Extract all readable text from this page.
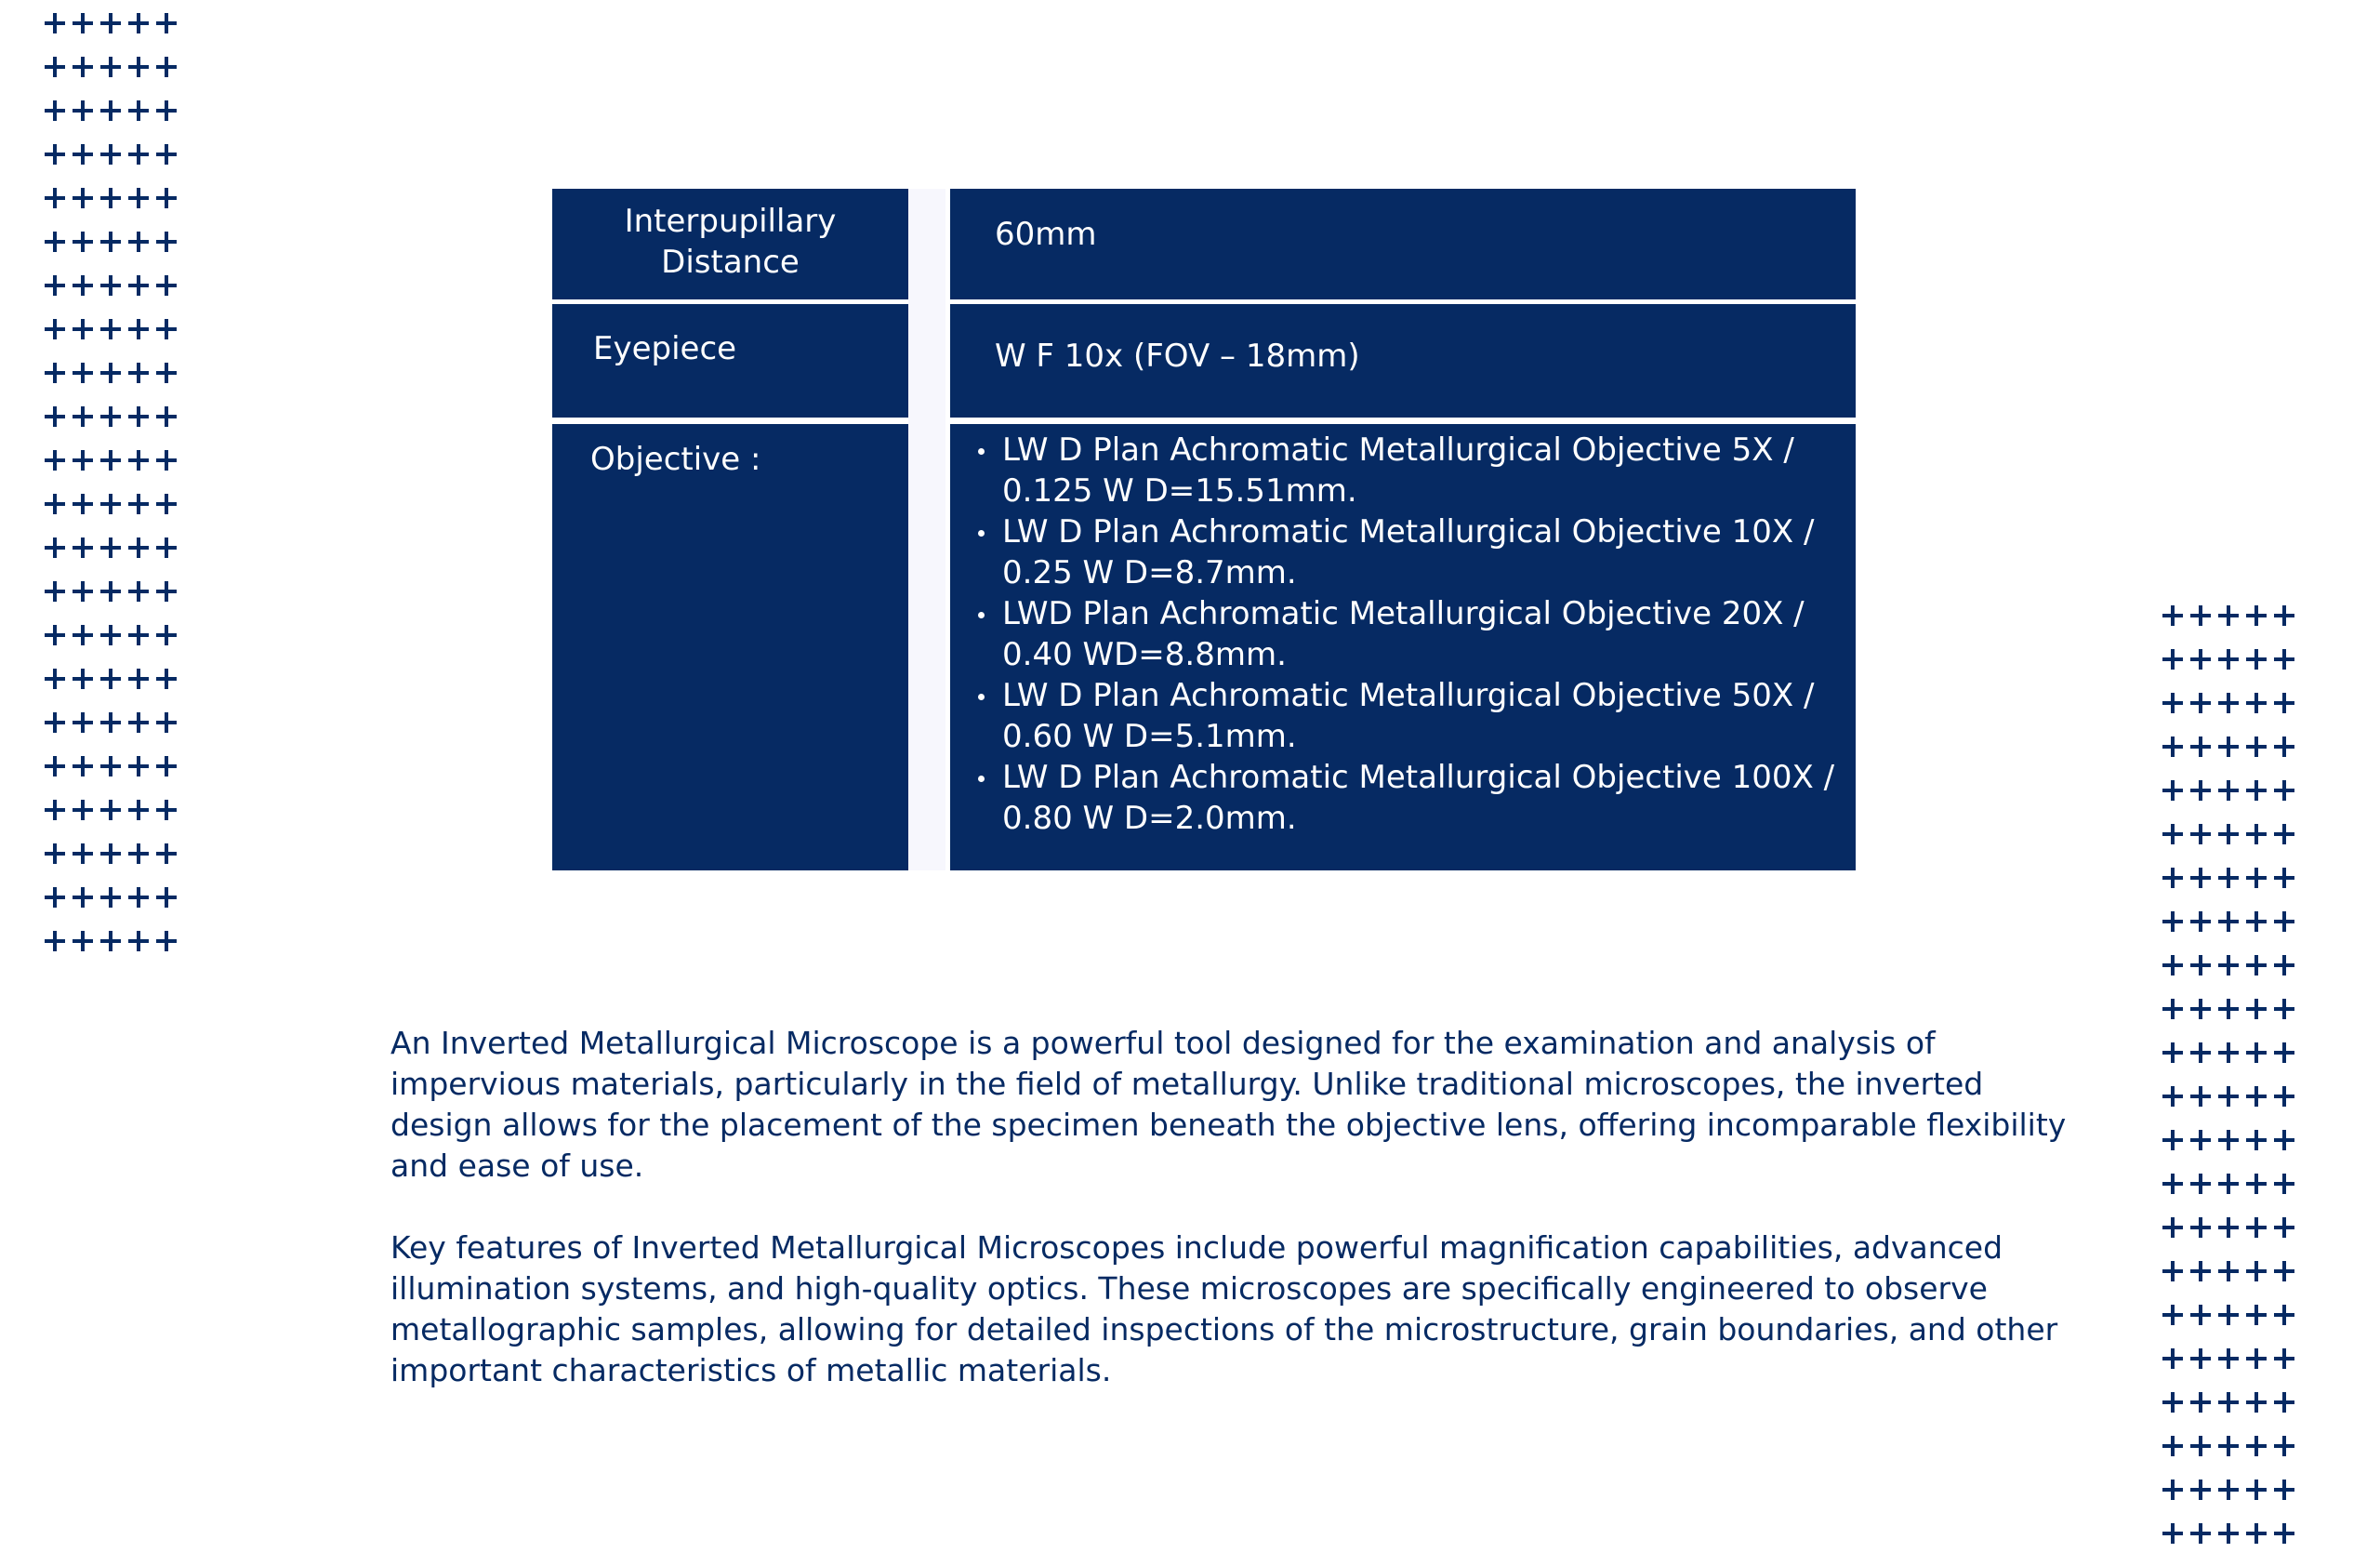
Interpupillary Distance
60mm
Eyepiece	W F 10x (FOV – 18mm)
Objective :	LW D Plan Achromatic Metallurgical Objective 5X / 0.125 W D=15.51mm.
LW D Plan Achromatic Metallurgical Objective 10X / 0.25 W D=8.7mm.
LWD Plan Achromatic Metallurgical Objective 20X / 0.40 WD=8.8mm.
LW D Plan Achromatic Metallurgical Objective 50X / 0.60 W D=5.1mm.
LW D Plan Achromatic Metallurgical Objective 100X / 0.80 W D=2.0mm.

An Inverted Metallurgical Microscope is a powerful tool designed for the examination and analysis of impervious materials, particularly in the field of metallurgy. Unlike traditional microscopes, the inverted design allows for the placement of the specimen beneath the objective lens, offering incomparable flexibility and ease of use.

Key features of Inverted Metallurgical Microscopes include powerful magnification capabilities, advanced illumination systems, and high-quality optics. These microscopes are specifically engineered to observe metallographic samples, allowing for detailed inspections of the microstructure, grain boundaries, and other important characteristics of metallic materials.
